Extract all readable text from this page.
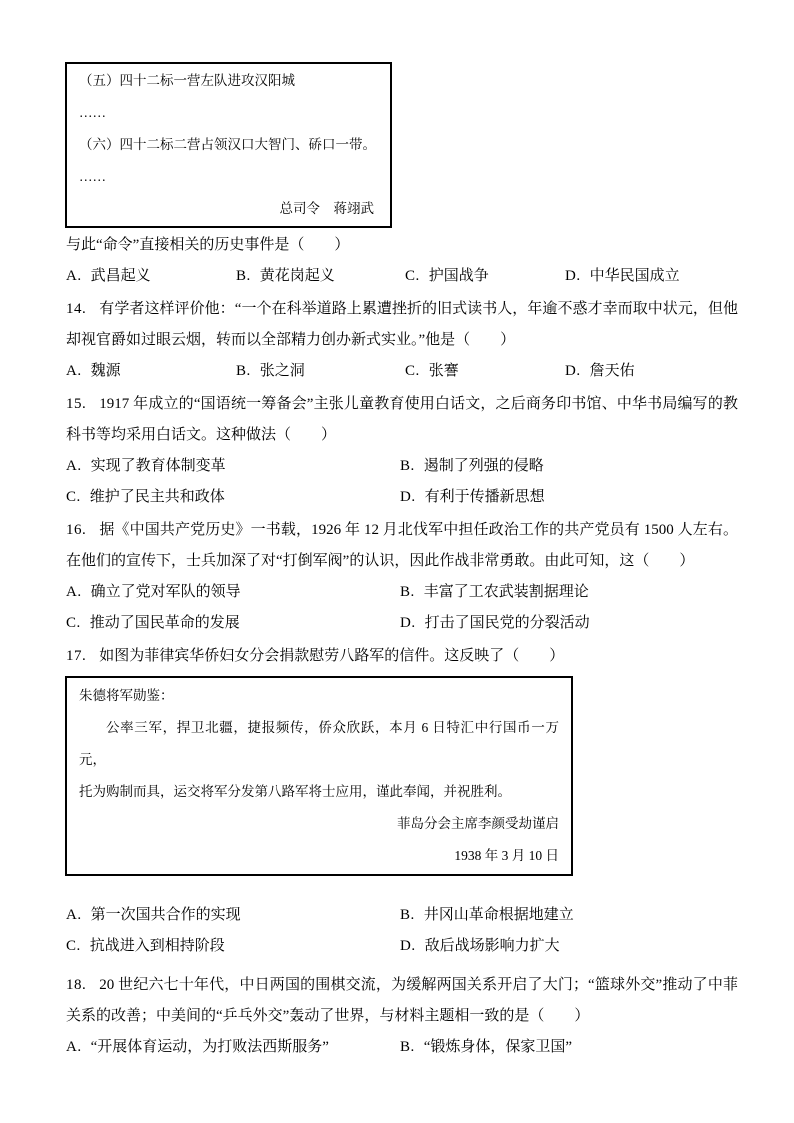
（五）四十二标一营左队进攻汉阳城

……

（六）四十二标二营占领汉口大智门、硚口一带。

……

总司令　蒋翊武

与此“命令”直接相关的历史事件是（　　）

A. 武昌起义	B. 黄花岗起义	C. 护国战争	D. 中华民国成立

14. 有学者这样评价他：“一个在科举道路上累遭挫折的旧式读书人，年逾不惑才幸而取中状元，但他却视官爵如过眼云烟，转而以全部精力创办新式实业。”他是（　　）

A. 魏源	B. 张之洞	C. 张謇	D. 詹天佑

15. 1917 年成立的“国语统一筹备会”主张儿童教育使用白话文，之后商务印书馆、中华书局编写的教科书等均采用白话文。这种做法（　　）

A. 实现了教育体制变革	B. 遏制了列强的侵略
C. 维护了民主共和政体	D. 有利于传播新思想

16. 据《中国共产党历史》一书载，1926 年 12 月北伐军中担任政治工作的共产党员有 1500 人左右。在他们的宣传下，士兵加深了对“打倒军阀”的认识，因此作战非常勇敢。由此可知，这（　　）

A. 确立了党对军队的领导	B. 丰富了工农武装割据理论
C. 推动了国民革命的发展	D. 打击了国民党的分裂活动

17. 如图为菲律宾华侨妇女分会捐款慰劳八路军的信件。这反映了（　　）

朱德将军勋鉴：

公率三军，捍卫北疆，捷报频传，侨众欣跃，本月 6 日特汇中行国币一万元，

托为购制而具，运交将军分发第八路军将士应用，谨此奉闻，并祝胜利。

菲岛分会主席李颜受劫谨启

1938 年 3 月 10 日

A. 第一次国共合作的实现	B. 井冈山革命根据地建立
C. 抗战进入到相持阶段	D. 敌后战场影响力扩大

18. 20 世纪六七十年代，中日两国的围棋交流，为缓解两国关系开启了大门；“篮球外交”推动了中菲关系的改善；中美间的“乒乓外交”轰动了世界，与材料主题相一致的是（　　）

A. “开展体育运动，为打败法西斯服务”	B. “锻炼身体，保家卫国”
